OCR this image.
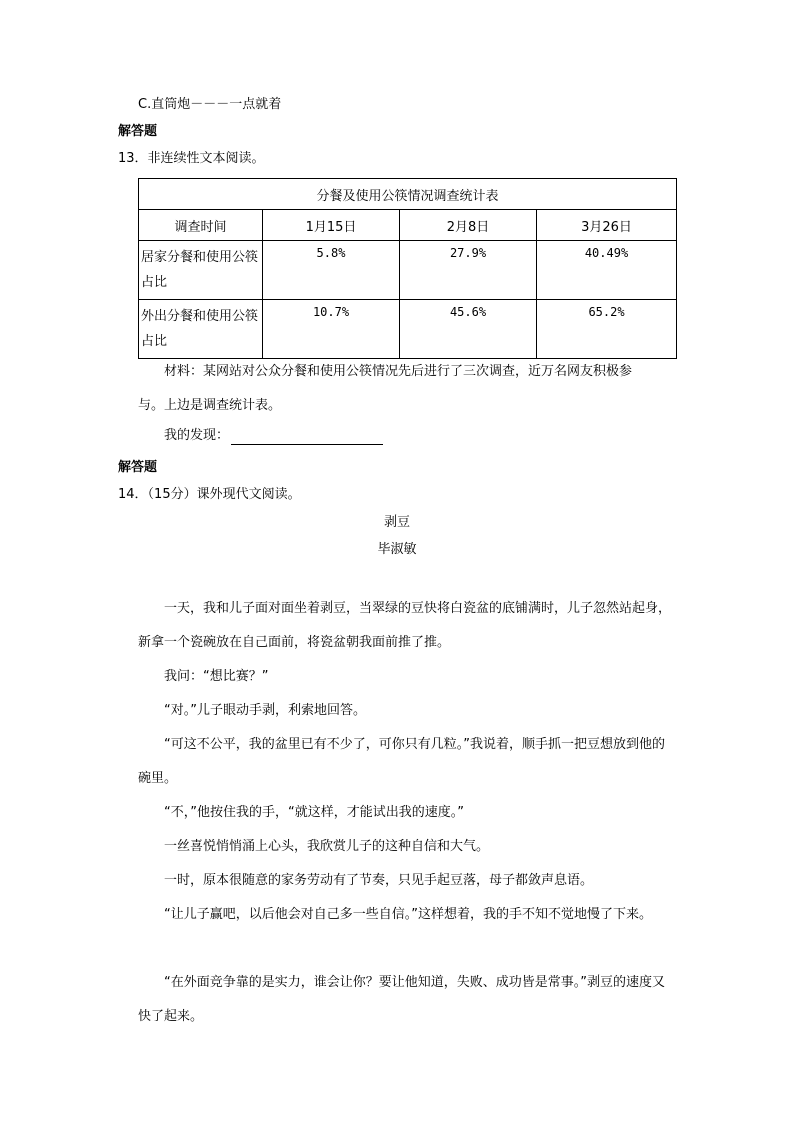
C.直筒炮－－－一点就着
解答题
13．非连续性文本阅读。
分餐及使用公筷情况调查统计表			
调查时间	1月15日	2月8日	3月26日
居家分餐和使用公筷占比	5.8%	27.9%	40.49%
外出分餐和使用公筷占比	10.7%	45.6%	65.2%
材料：某网站对公众分餐和使用公筷情况先后进行了三次调查，近万名网友积极参
与。上边是调查统计表。
我的发现：
解答题
14．（15分）课外现代文阅读。
剥豆
毕淑敏
一天，我和儿子面对面坐着剥豆，当翠绿的豆快将白瓷盆的底铺满时，儿子忽然站起身，新拿一个瓷碗放在自己面前，将瓷盆朝我面前推了推。
我问：“想比赛？”
“对。”儿子眼动手剥，利索地回答。
“可这不公平，我的盆里已有不少了，可你只有几粒。”我说着，顺手抓一把豆想放到他的碗里。
“不，”他按住我的手，“就这样，才能试出我的速度。”
一丝喜悦悄悄涌上心头，我欣赏儿子的这种自信和大气。
一时，原本很随意的家务劳动有了节奏，只见手起豆落，母子都敛声息语。
“让儿子赢吧，以后他会对自己多一些自信。”这样想着，我的手不知不觉地慢了下来。
“在外面竞争靠的是实力，谁会让你？要让他知道，失败、成功皆是常事。”剥豆的速度又快了起来。
